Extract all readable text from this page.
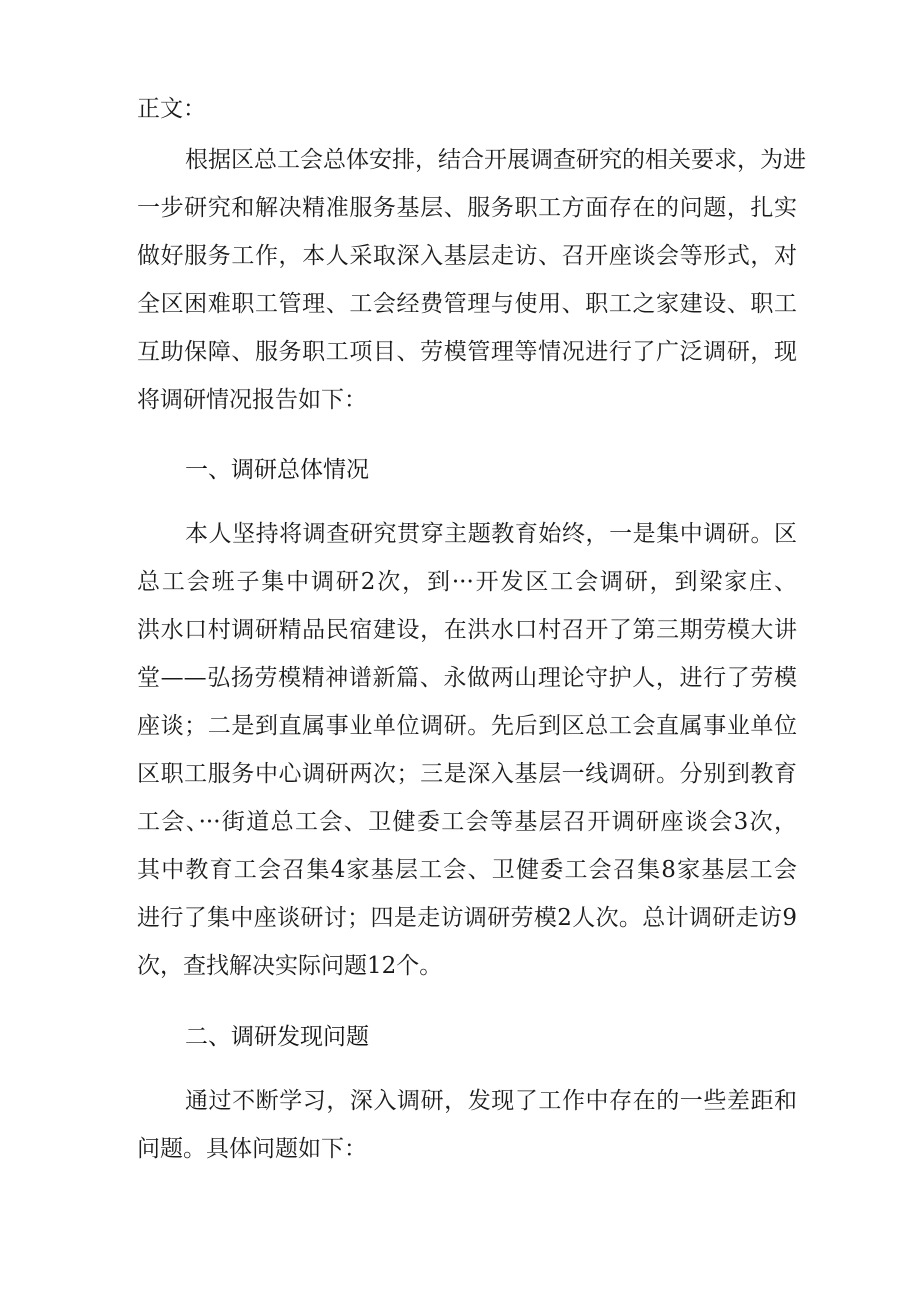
正文：
根据区总工会总体安排，结合开展调查研究的相关要求，为进
一步研究和解决精准服务基层、服务职工方面存在的问题，扎实
做好服务工作，本人采取深入基层走访、召开座谈会等形式，对
全区困难职工管理、工会经费管理与使用、职工之家建设、职工
互助保障、服务职工项目、劳模管理等情况进行了广泛调研，现
将调研情况报告如下：
一、调研总体情况
本人坚持将调查研究贯穿主题教育始终，一是集中调研。区
总工会班子集中调研2次，到···开发区工会调研，到梁家庄、
洪水口村调研精品民宿建设，在洪水口村召开了第三期劳模大讲
堂——弘扬劳模精神谱新篇、永做两山理论守护人，进行了劳模
座谈；二是到直属事业单位调研。先后到区总工会直属事业单位
区职工服务中心调研两次；三是深入基层一线调研。分别到教育
工会、···街道总工会、卫健委工会等基层召开调研座谈会3次，
其中教育工会召集4家基层工会、卫健委工会召集8家基层工会
进行了集中座谈研讨；四是走访调研劳模2人次。总计调研走访9
次，查找解决实际问题12个。
二、调研发现问题
通过不断学习，深入调研，发现了工作中存在的一些差距和
问题。具体问题如下：
